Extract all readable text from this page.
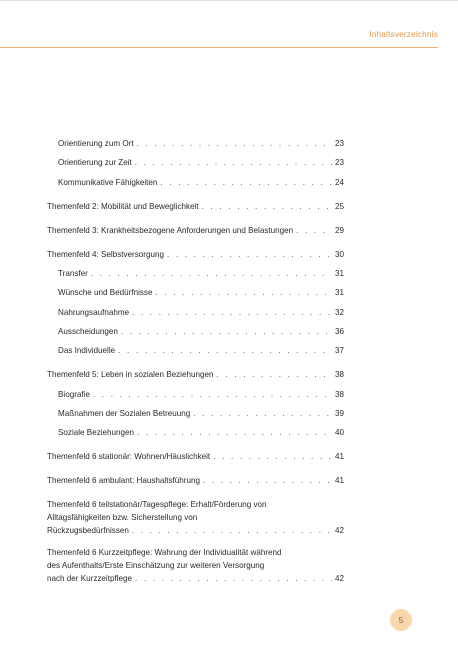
Inhaltsverzeichnis
Orientierung zum Ort . . .	23
Orientierung zur Zeit . . .	23
Kommunikative Fähigkeiten . . .	24
Themenfeld 2: Mobilität und Beweglichkeit . . .	25
Themenfeld 3: Krankheitsbezogene Anforderungen und Belastungen . . .	29
Themenfeld 4: Selbstversorgung . . .	30
Transfer . . .	31
Wünsche und Bedürfnisse . . .	31
Nahrungsaufnahme . . .	32
Ausscheidungen . . .	36
Das Individuelle . . .	37
Themenfeld 5: Leben in sozialen Beziehungen . . .	38
Biografie . . .	38
Maßnahmen der Sozialen Betreuung . . .	39
Soziale Beziehungen . . .	40
Themenfeld 6 stationär: Wohnen/Häuslichkeit . . .	41
Themenfeld 6 ambulant: Haushaltsführung . . .	41
Themenfeld 6 teilstationär/Tagespflege: Erhalt/Förderung von
Alltagsfähigkeiten bzw. Sicherstellung von
Rückzugsbedürfnissen . . .	42
Themenfeld 6 Kurzzeitpflege: Wahrung der Individualität während
des Aufenthalts/Erste Einschätzung zur weiteren Versorgung
nach der Kurzzeitpflege . . .	42
5
